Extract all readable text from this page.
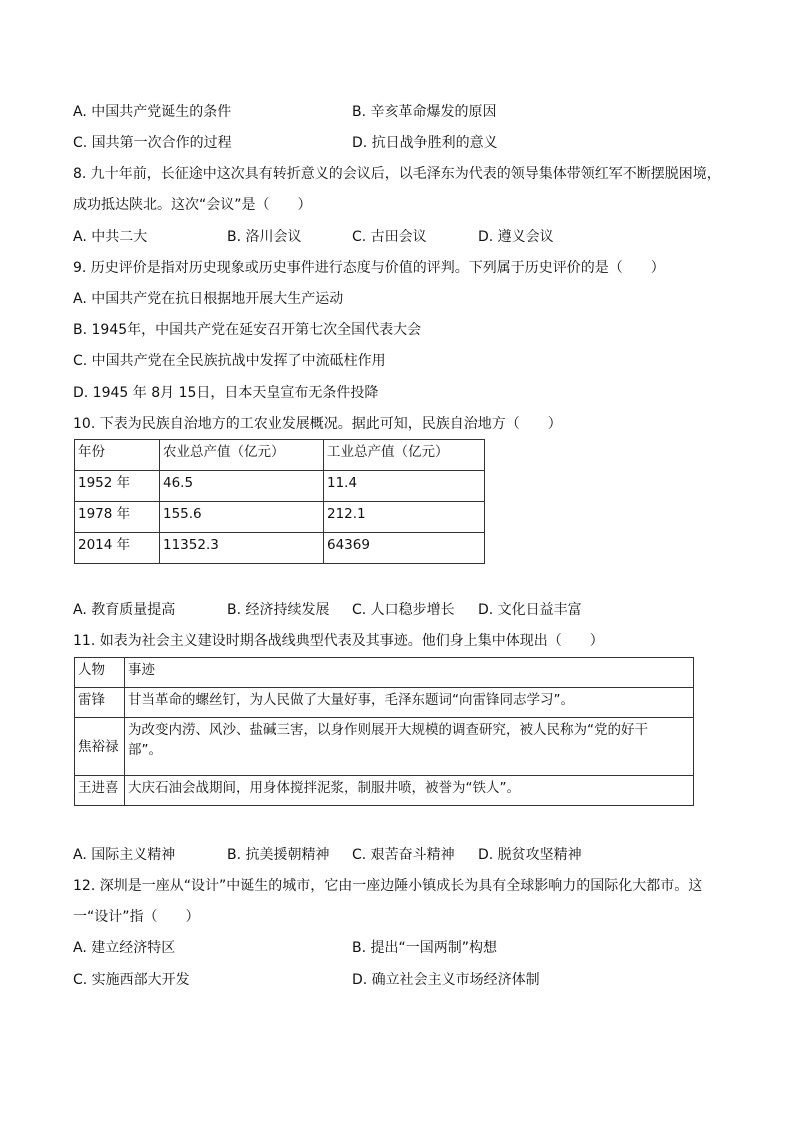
A. 中国共产党诞生的条件	B. 辛亥革命爆发的原因
C. 国共第一次合作的过程	D. 抗日战争胜利的意义
8. 九十年前，长征途中这次具有转折意义的会议后，以毛泽东为代表的领导集体带领红军不断摆脱困境，
成功抵达陕北。这次“会议”是（　　）
A. 中共二大	B. 洛川会议	C. 古田会议	D. 遵义会议
9. 历史评价是指对历史现象或历史事件进行态度与价值的评判。下列属于历史评价的是（　　）
A. 中国共产党在抗日根据地开展大生产运动
B. 1945年，中国共产党在延安召开第七次全国代表大会
C. 中国共产党在全民族抗战中发挥了中流砥柱作用
D. 1945 年 8月 15日，日本天皇宣布无条件投降
10. 下表为民族自治地方的工农业发展概况。据此可知，民族自治地方（　　）
年份	农业总产值（亿元）	工业总产值（亿元）
1952 年	46.5	11.4
1978 年	155.6	212.1
2014 年	11352.3	64369
A. 教育质量提高	B. 经济持续发展 C. 人口稳步增长 D. 文化日益丰富
11. 如表为社会主义建设时期各战线典型代表及其事迹。他们身上集中体现出（　　）
人物	事迹
雷锋	甘当革命的螺丝钉，为人民做了大量好事，毛泽东题词“向雷锋同志学习”。

焦裕禄	为改变内涝、风沙、盐碱三害，以身作则展开大规模的调查研究，被人民称为“党的好干
部”。

王进喜	大庆石油会战期间，用身体搅拌泥浆，制服井喷，被誉为“铁人”。
A. 国际主义精神	B. 抗美援朝精神 C. 艰苦奋斗精神 D. 脱贫攻坚精神
12. 深圳是一座从“设计”中诞生的城市，它由一座边陲小镇成长为具有全球影响力的国际化大都市。这
一“设计”指（　　）
A. 建立经济特区	B. 提出“一国两制”构想
C. 实施西部大开发	D. 确立社会主义市场经济体制
